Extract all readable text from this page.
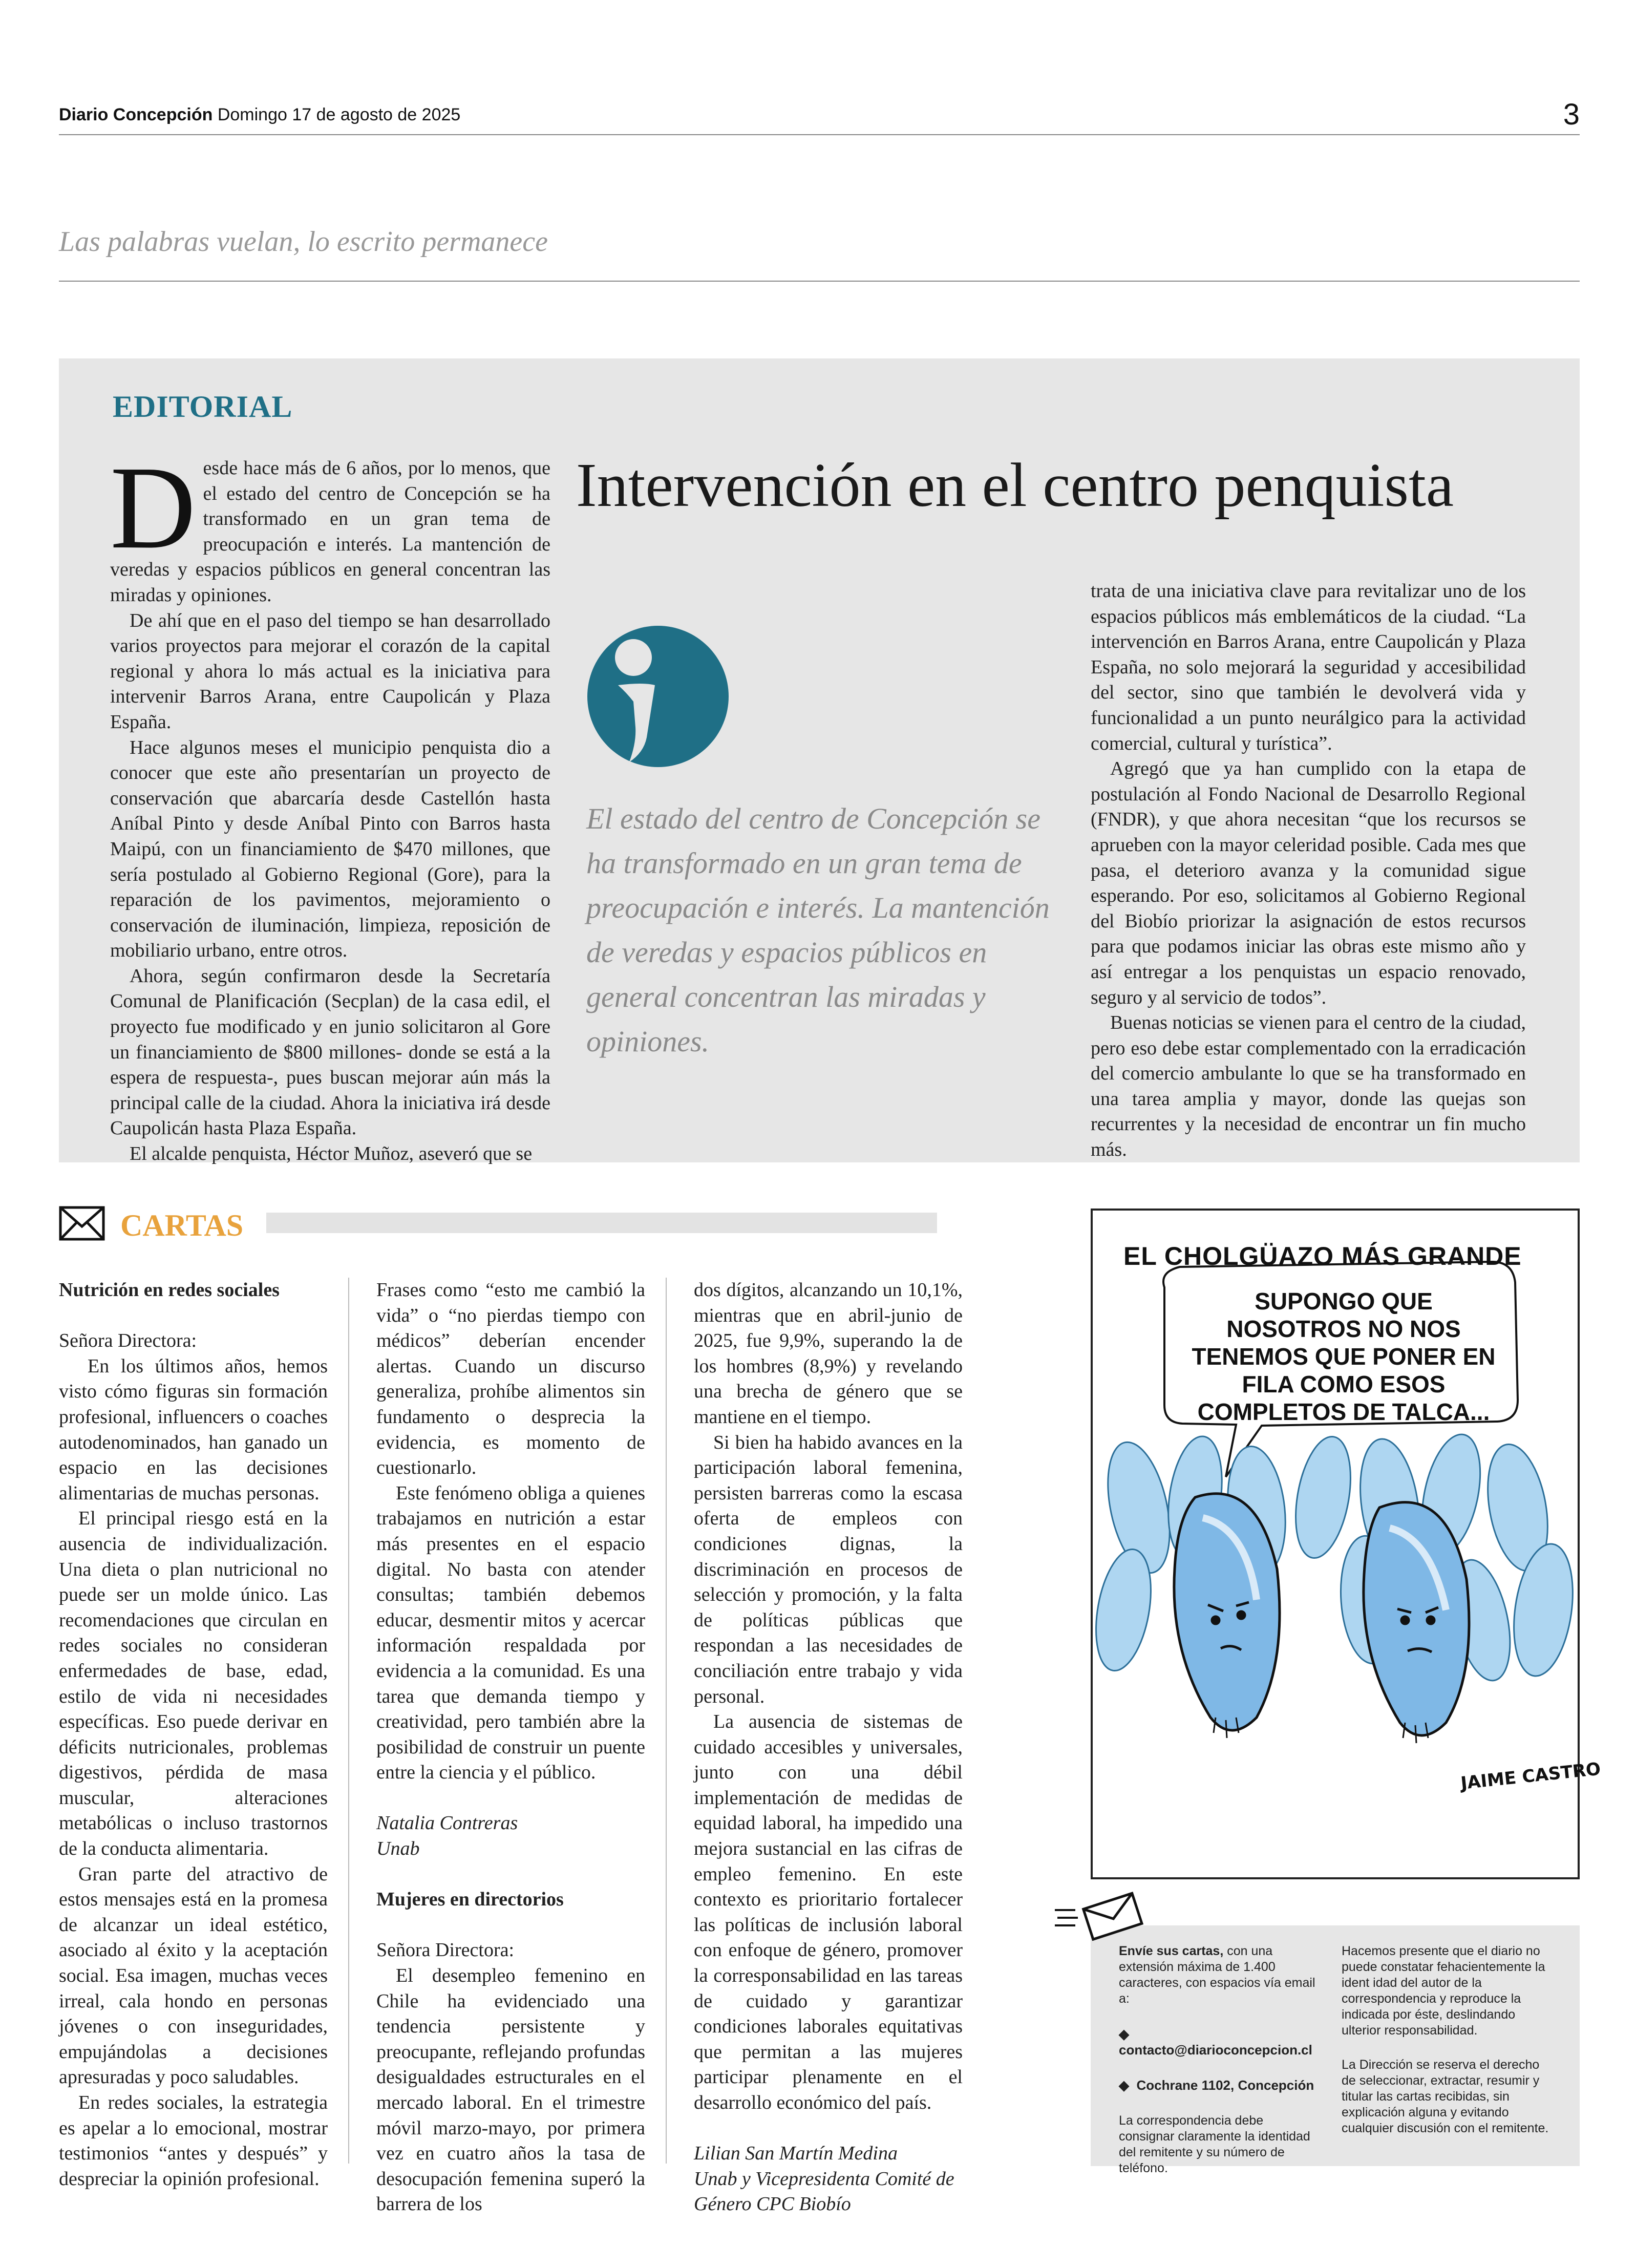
Diario Concepción Domingo 17 de agosto de 2025	3
Las palabras vuelan, lo escrito permanece
EDITORIAL
Intervención en el centro penquista

Desde hace más de 6 años, por lo menos, que el estado del centro de Concepción se ha transformado en un gran tema de preocupación e interés. La mantención de veredas y espacios públicos en general concentran las miradas y opiniones.

De ahí que en el paso del tiempo se han desarrollado varios proyectos para mejorar el corazón de la capital regional y ahora lo más actual es la iniciativa para intervenir Barros Arana, entre Caupolicán y Plaza España.

Hace algunos meses el municipio penquista dio a conocer que este año presentarían un proyecto de conservación que abarcaría desde Castellón hasta Aníbal Pinto y desde Aníbal Pinto con Barros hasta Maipú, con un financiamiento de $470 millones, que sería postulado al Gobierno Regional (Gore), para la reparación de los pavimentos, mejoramiento o conservación de iluminación, limpieza, reposición de mobiliario urbano, entre otros.

Ahora, según confirmaron desde la Secretaría Comunal de Planificación (Secplan) de la casa edil, el proyecto fue modificado y en junio solicitaron al Gore un financiamiento de $800 millones- donde se está a la espera de respuesta-, pues buscan mejorar aún más la principal calle de la ciudad. Ahora la iniciativa irá desde Caupolicán hasta Plaza España.

El alcalde penquista, Héctor Muñoz, aseveró que se

El estado del centro de Concepción se ha transformado en un gran tema de preocupación e interés. La mantención de veredas y espacios públicos en general concentran las miradas y opiniones.

trata de una iniciativa clave para revitalizar uno de los espacios públicos más emblemáticos de la ciudad. “La intervención en Barros Arana, entre Caupolicán y Plaza España, no solo mejorará la seguridad y accesibilidad del sector, sino que también le devolverá vida y funcionalidad a un punto neurálgico para la actividad comercial, cultural y turística”.

Agregó que ya han cumplido con la etapa de postulación al Fondo Nacional de Desarrollo Regional (FNDR), y que ahora necesitan “que los recursos se aprueben con la mayor celeridad posible. Cada mes que pasa, el deterioro avanza y la comunidad sigue esperando. Por eso, solicitamos al Gobierno Regional del Biobío priorizar la asignación de estos recursos para que podamos iniciar las obras este mismo año y así entregar a los penquistas un espacio renovado, seguro y al servicio de todos”.

Buenas noticias se vienen para el centro de la ciudad, pero eso debe estar complementado con la erradicación del comercio ambulante lo que se ha transformado en una tarea amplia y mayor, donde las quejas son recurrentes y la necesidad de encontrar un fin mucho más.

CARTAS

Nutrición en redes sociales

Señora Directora:

En los últimos años, hemos visto cómo figuras sin formación profesional, influencers o coaches autodenominados, han ganado un espacio en las decisiones alimentarias de muchas personas.

El principal riesgo está en la ausencia de individualización. Una dieta o plan nutricional no puede ser un molde único. Las recomendaciones que circulan en redes sociales no consideran enfermedades de base, edad, estilo de vida ni necesidades específicas. Eso puede derivar en déficits nutricionales, problemas digestivos, pérdida de masa muscular, alteraciones metabólicas o incluso trastornos de la conducta alimentaria.

Gran parte del atractivo de estos mensajes está en la promesa de alcanzar un ideal estético, asociado al éxito y la aceptación social. Esa imagen, muchas veces irreal, cala hondo en personas jóvenes o con inseguridades, empujándolas a decisiones apresuradas y poco saludables.

En redes sociales, la estrategia es apelar a lo emocional, mostrar testimonios “antes y después” y despreciar la opinión profesional.

Frases como “esto me cambió la vida” o “no pierdas tiempo con médicos” deberían encender alertas. Cuando un discurso generaliza, prohíbe alimentos sin fundamento o desprecia la evidencia, es momento de cuestionarlo.

Este fenómeno obliga a quienes trabajamos en nutrición a estar más presentes en el espacio digital. No basta con atender consultas; también debemos educar, desmentir mitos y acercar información respaldada por evidencia a la comunidad. Es una tarea que demanda tiempo y creatividad, pero también abre la posibilidad de construir un puente entre la ciencia y el público.

Natalia Contreras

Unab

Mujeres en directorios

Señora Directora:

El desempleo femenino en Chile ha evidenciado una tendencia persistente y preocupante, reflejando profundas desigualdades estructurales en el mercado laboral. En el trimestre móvil marzo-mayo, por primera vez en cuatro años la tasa de desocupación femenina superó la barrera de los

dos dígitos, alcanzando un 10,1%, mientras que en abril-junio de 2025, fue 9,9%, superando la de los hombres (8,9%) y revelando una brecha de género que se mantiene en el tiempo.

Si bien ha habido avances en la participación laboral femenina, persisten barreras como la escasa oferta de empleos con condiciones dignas, la discriminación en procesos de selección y promoción, y la falta de políticas públicas que respondan a las necesidades de conciliación entre trabajo y vida personal.

La ausencia de sistemas de cuidado accesibles y universales, junto con una débil implementación de medidas de equidad laboral, ha impedido una mejora sustancial en las cifras de empleo femenino. En este contexto es prioritario fortalecer las políticas de inclusión laboral con enfoque de género, promover la corresponsabilidad en las tareas de cuidado y garantizar condiciones laborales equitativas que permitan a las mujeres participar plenamente en el desarrollo económico del país.

Lilian San Martín Medina

Unab y Vicepresidenta Comité de Género CPC Biobío

JAIME CASTRO
EL CHOLGÜAZO MÁS GRANDE
SUPONGO QUE NOSOTROS NO NOS TENEMOS QUE PONER EN FILA COMO ESOS COMPLETOS DE TALCA...

Envíe sus cartas, con una extensión máxima de 1.400 caracteres, con espacios vía email a:

◆  contacto@diarioconcepcion.cl

◆ Cochrane 1102, Concepción

La correspondencia debe consignar claramente la identidad del remitente y su número de teléfono.

Hacemos presente que el diario no puede constatar fehacientemente la ident idad del autor de la correspondencia y reproduce la indicada por éste, deslindando ulterior responsabilidad.

La Dirección se reserva el derecho de seleccionar, extractar, resumir y titular las cartas recibidas, sin explicación alguna y evitando cualquier discusión con el remitente.
